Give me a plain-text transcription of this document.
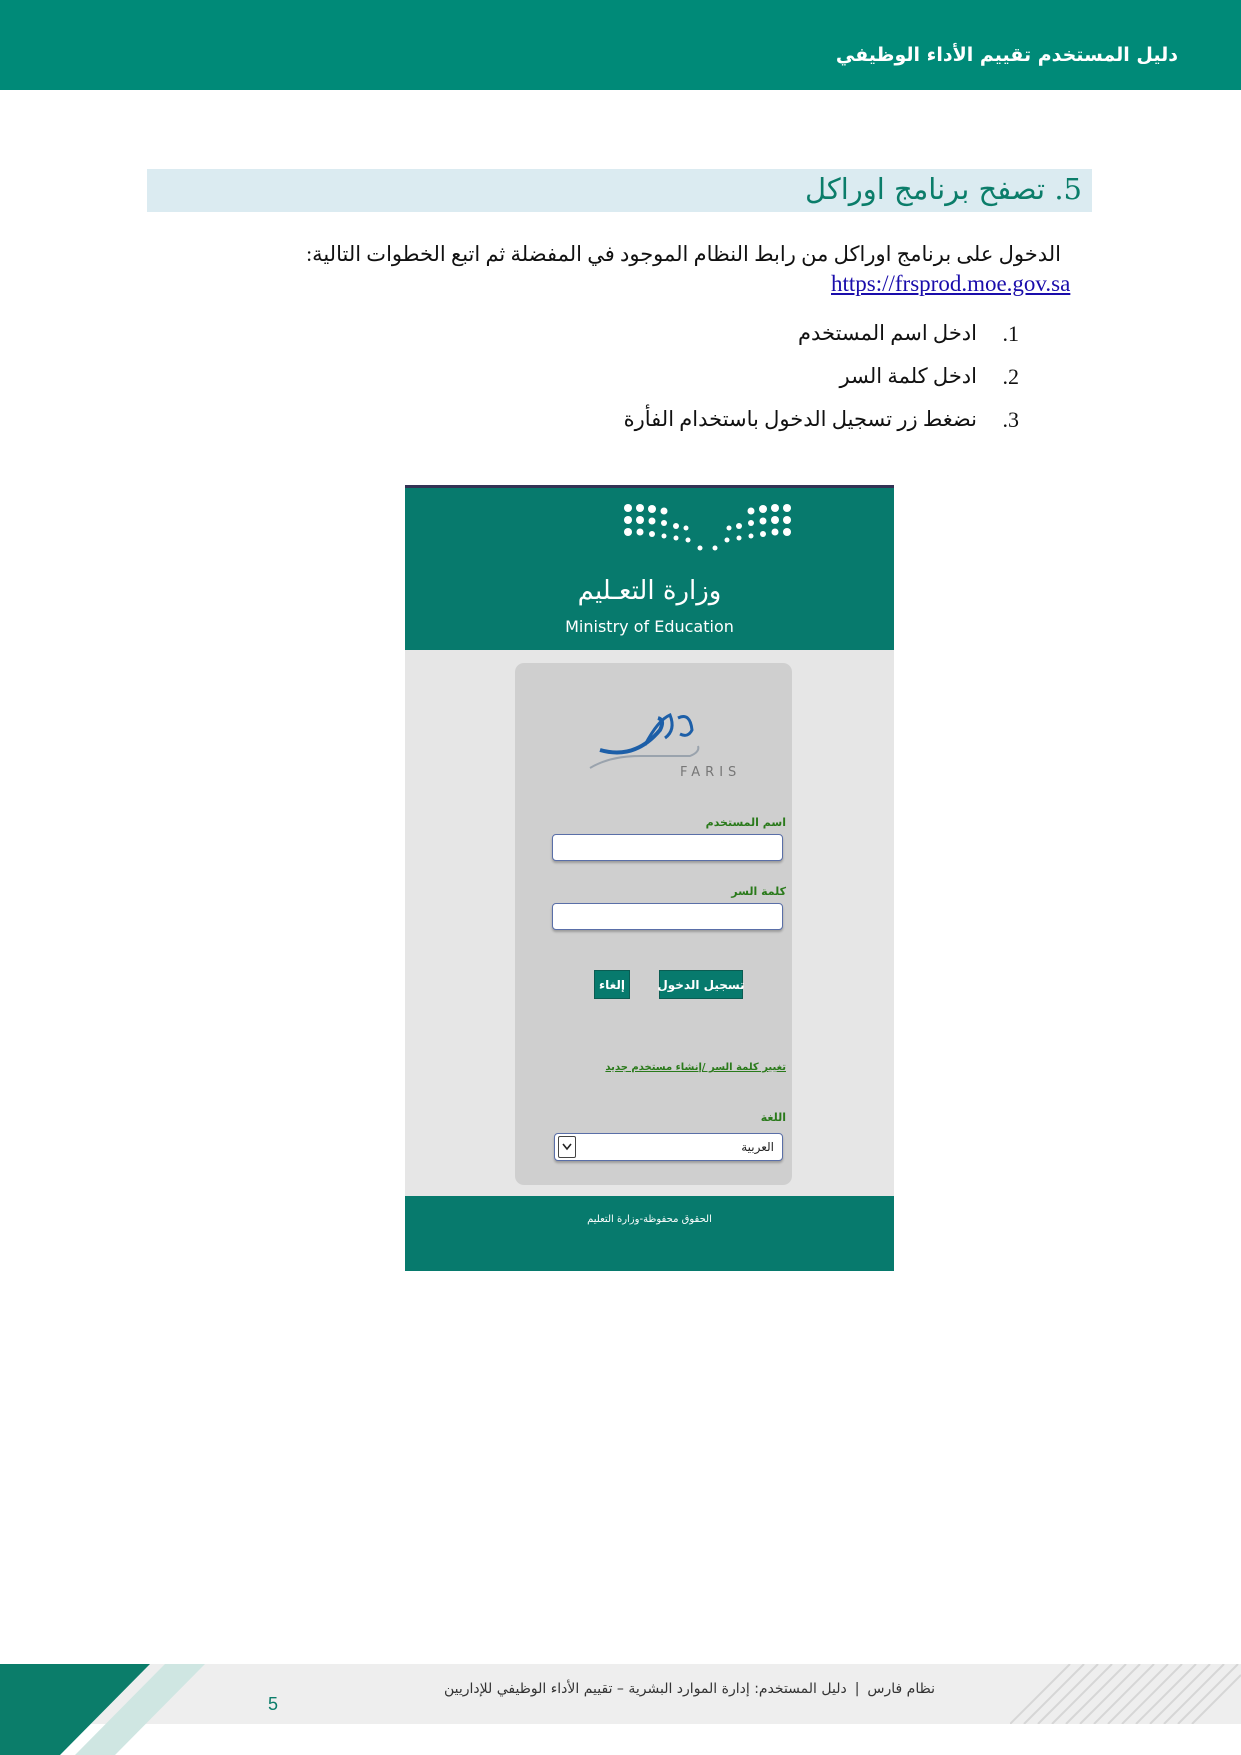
دليل المستخدم تقييم الأداء الوظيفي
5. تصفح برنامج اوراكل
الدخول على برنامج اوراكل من رابط النظام الموجود في المفضلة ثم اتبع الخطوات التالية:
https://frsprod.moe.gov.sa
1.
ادخل اسم المستخدم
2.
ادخل كلمة السر
3.
نضغط زر تسجيل الدخول باستخدام الفأرة
وزارة التعـليم
Ministry of Education
FARIS
اسم المستخدم
كلمة السر
تسجيل الدخول
إلغاء
تغيير كلمة السر /إنشاء مستخدم جديد
اللغة
العربية
الحقوق محفوظة-وزارة التعليم
5
نظام فارس|دليل المستخدم: إدارة الموارد البشرية – تقييم الأداء الوظيفي للإداريين
